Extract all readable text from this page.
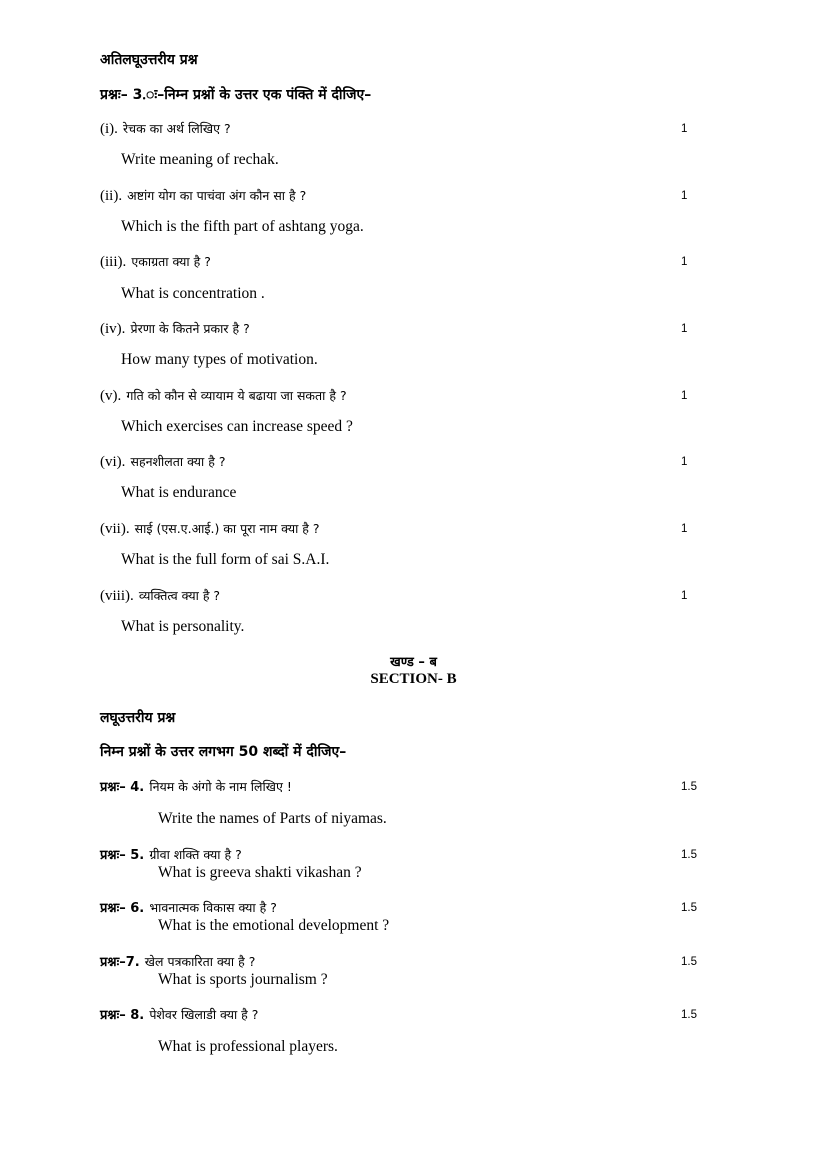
अतिलघूउत्तरीय प्रश्न
प्रश्नः– 3.ः–निम्न प्रश्नों के उत्तर एक पंक्ति में दीजिए–
(i). रेचक का अर्थ लिखिए ?	1
Write meaning of rechak.
(ii). अष्टांग योग का पाचंवा अंग कौन सा है ?	1
Which is the fifth part of ashtang yoga.
(iii). एकाग्रता क्या है ?	1
What is concentration .
(iv). प्रेरणा के कितने प्रकार है ?	1
How many types of motivation.
(v). गति को कौन से व्यायाम ये बढाया जा सकता है ?	1
Which exercises can increase speed ?
(vi). सहनशीलता क्या है ?	1
What is endurance
(vii). साई (एस.ए.आई.) का पूरा नाम क्या है ?	1
What is the full form of sai S.A.I.
(viii). व्यक्तित्व क्या है ?	1
What is personality.
खण्ड – ब
SECTION- B
लघूउत्तरीय प्रश्न
निम्न प्रश्नों के उत्तर लगभग 50 शब्दों में दीजिए–
प्रश्नः– 4. नियम के अंगो के नाम लिखिए !	1.5
Write the names of Parts of niyamas.
प्रश्नः– 5. ग्रीवा शक्ति क्या है ?	1.5
What is greeva shakti vikashan ?
प्रश्नः– 6. भावनात्मक विकास क्या है ?	1.5
What is the emotional development ?
प्रश्नः–7. खेल पत्रकारिता क्या है ?	1.5
What is sports journalism ?
प्रश्नः– 8. पेशेवर खिलाडी क्या है ?	1.5
What is professional players.
